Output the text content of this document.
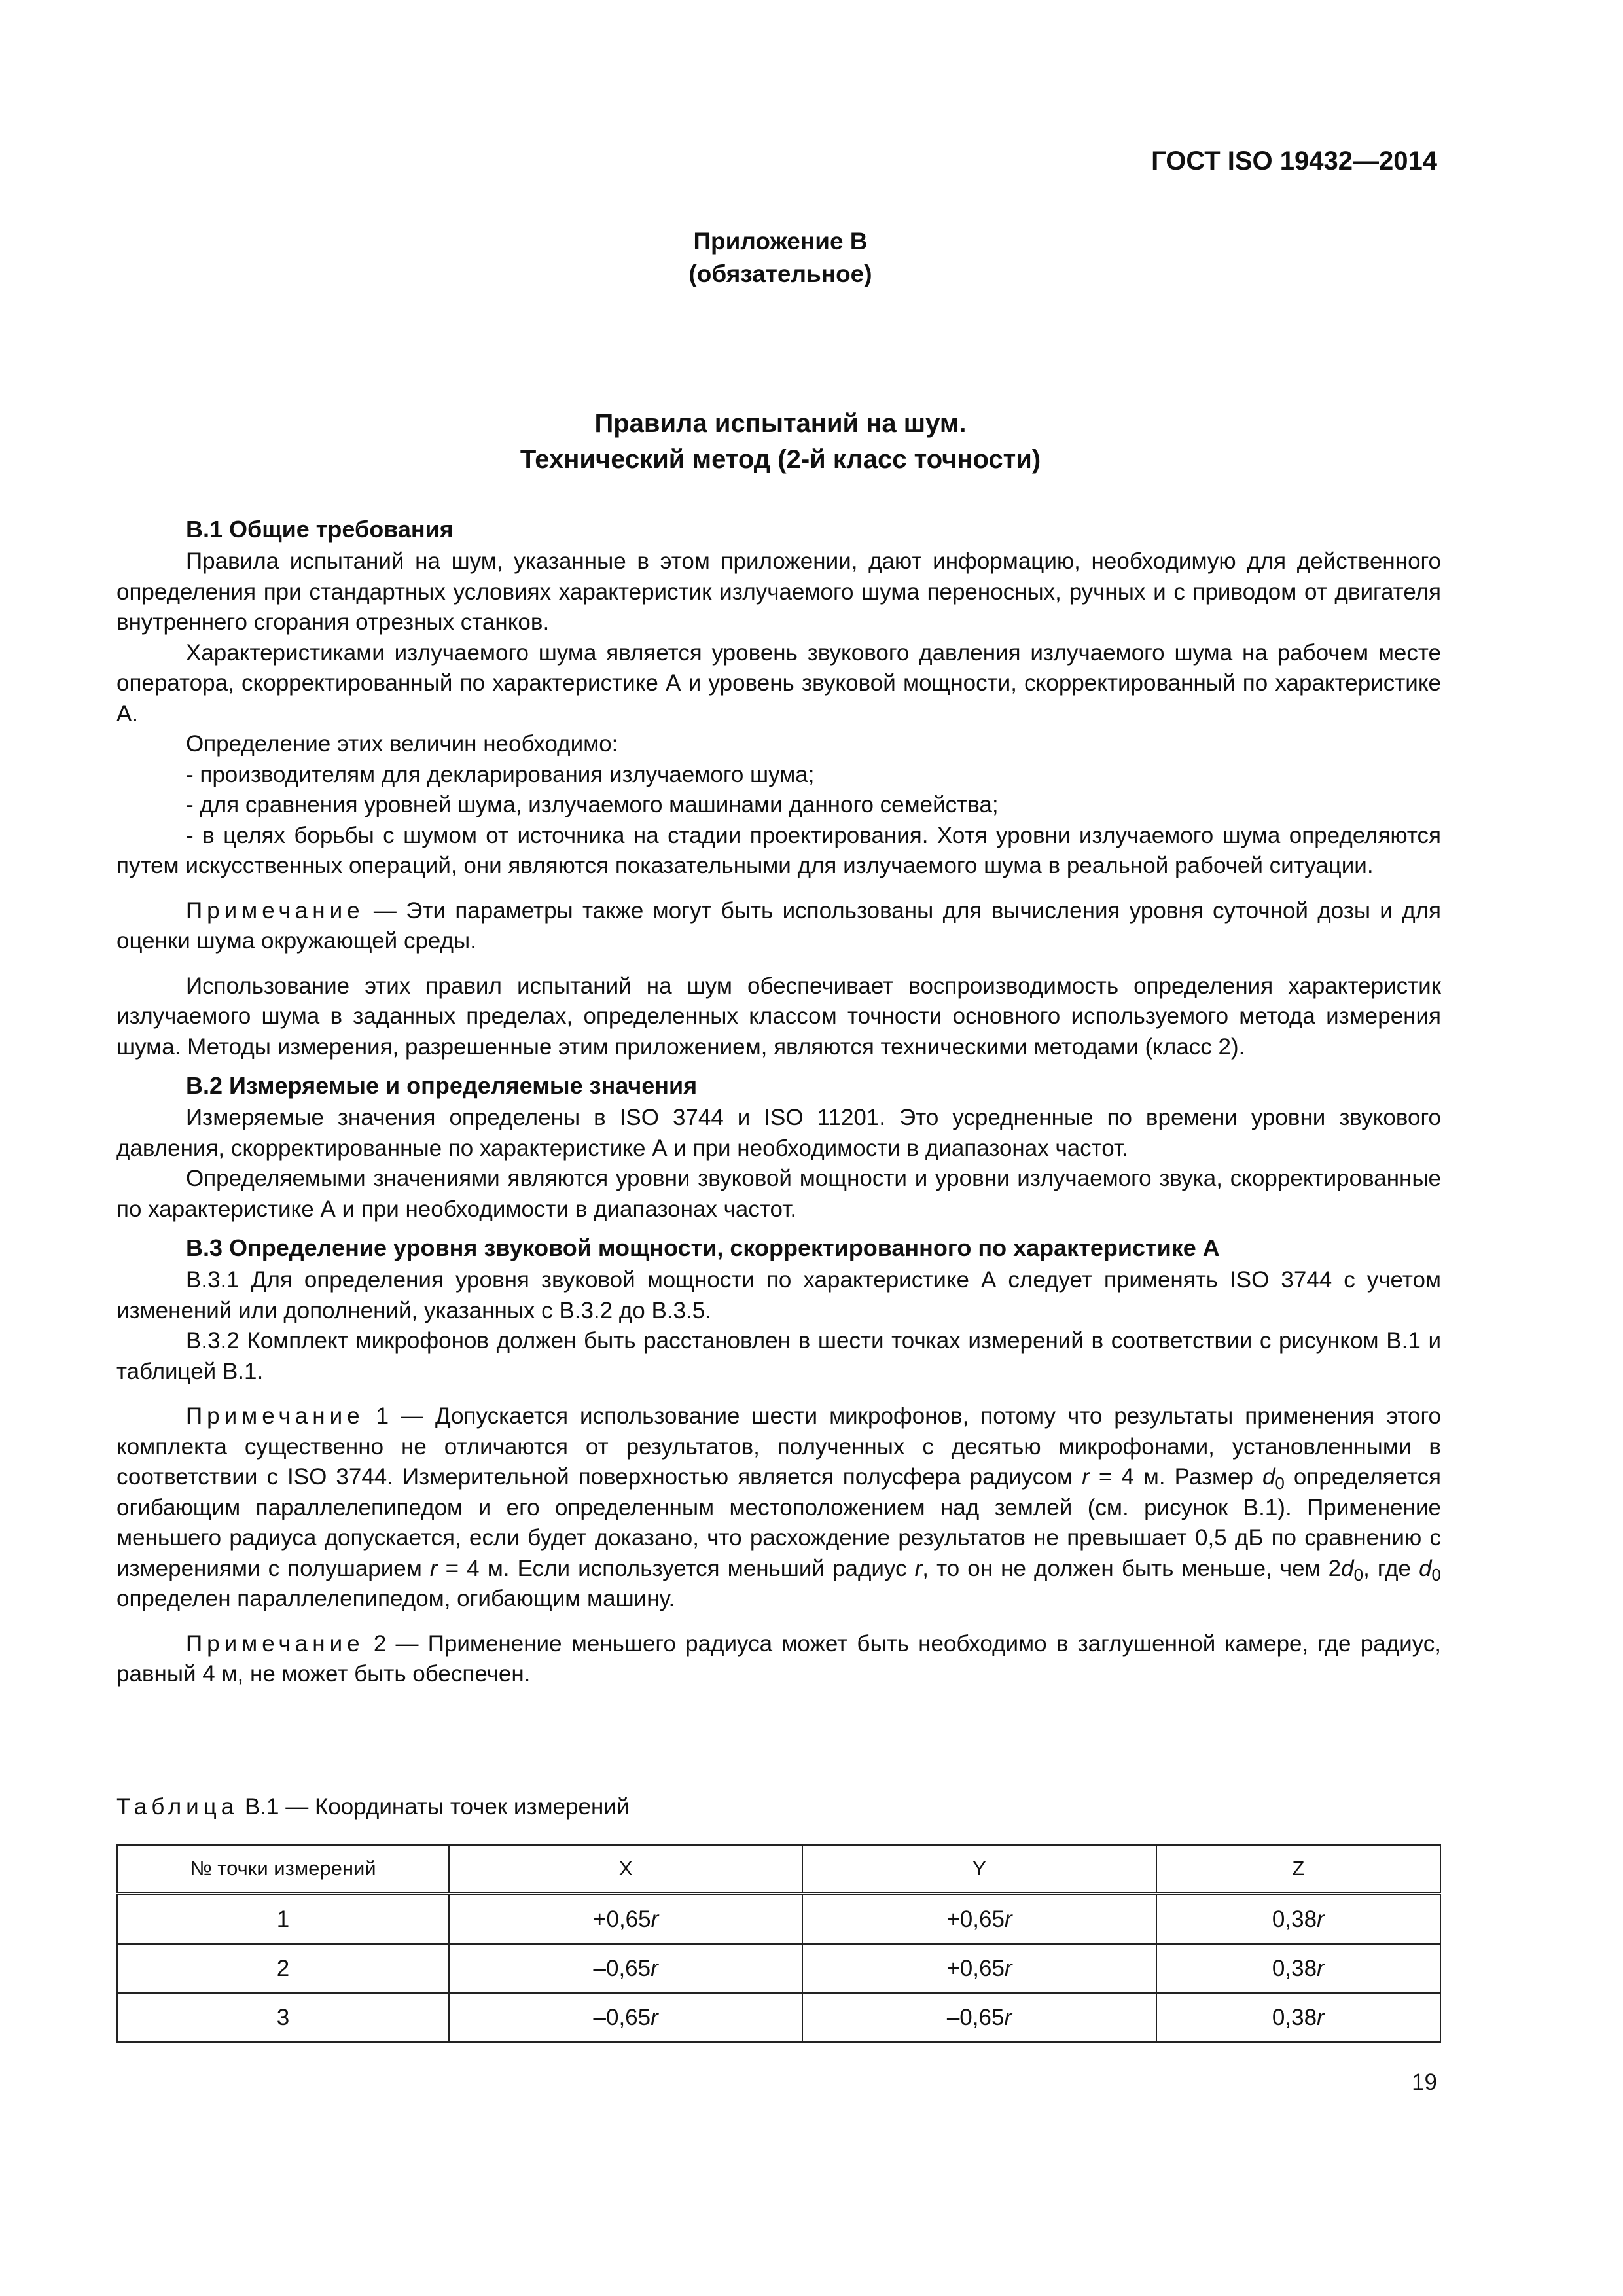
ГОСТ ISO 19432—2014
Приложение В
(обязательное)
Правила испытаний на шум.
Технический метод (2-й класс точности)
В.1 Общие требования

Правила испытаний на шум, указанные в этом приложении, дают информацию, необходимую для действенного определения при стандартных условиях характеристик излучаемого шума переносных, ручных и с приводом от двигателя внутреннего сгорания отрезных станков.

Характеристиками излучаемого шума является уровень звукового давления излучаемого шума на рабочем месте оператора, скорректированный по характеристике А и уровень звуковой мощности, скорректированный по характеристике А.

Определение этих величин необходимо:

- производителям для декларирования излучаемого шума;

- для сравнения уровней шума, излучаемого машинами данного семейства;

- в целях борьбы с шумом от источника на стадии проектирования. Хотя уровни излучаемого шума определяются путем искусственных операций, они являются показательными для излучаемого шума в реальной рабочей ситуации.

Примечание — Эти параметры также могут быть использованы для вычисления уровня суточной дозы и для оценки шума окружающей среды.

Использование этих правил испытаний на шум обеспечивает воспроизводимость определения характеристик излучаемого шума в заданных пределах, определенных классом точности основного используемого метода измерения шума. Методы измерения, разрешенные этим приложением, являются техническими методами (класс 2).

В.2 Измеряемые и определяемые значения

Измеряемые значения определены в ISO 3744 и ISO 11201. Это усредненные по времени уровни звукового давления, скорректированные по характеристике А и при необходимости в диапазонах частот.

Определяемыми значениями являются уровни звуковой мощности и уровни излучаемого звука, скорректированные по характеристике А и при необходимости в диапазонах частот.

В.3 Определение уровня звуковой мощности, скорректированного по характеристике А

В.3.1 Для определения уровня звуковой мощности по характеристике А следует применять ISO 3744 с учетом изменений или дополнений, указанных с В.3.2 до В.3.5.

В.3.2 Комплект микрофонов должен быть расстановлен в шести точках измерений в соответствии с рисунком В.1 и таблицей В.1.

Примечание 1 — Допускается использование шести микрофонов, потому что результаты применения этого комплекта существенно не отличаются от результатов, полученных с десятью микрофонами, установленными в соответствии с ISO 3744. Измерительной поверхностью является полусфера радиусом r = 4 м. Размер $d_0$ определяется огибающим параллелепипедом и его определенным местоположением над землей (см. рисунок В.1). Применение меньшего радиуса допускается, если будет доказано, что расхождение результатов не превышает 0,5 дБ по сравнению с измерениями с полушарием r = 4 м. Если используется меньший радиус r, то он не должен быть меньше, чем $2d_0$, где $d_0$ определен параллелепипедом, огибающим машину.

Примечание 2 — Применение меньшего радиуса может быть необходимо в заглушенной камере, где радиус, равный 4 м, не может быть обеспечен.

Таблица В.1 — Координаты точек измерений
№ точки измерений	X	Y	Z
1	+0,65r	+0,65r	0,38r
2	–0,65r	+0,65r	0,38r
3	–0,65r	–0,65r	0,38r
19
